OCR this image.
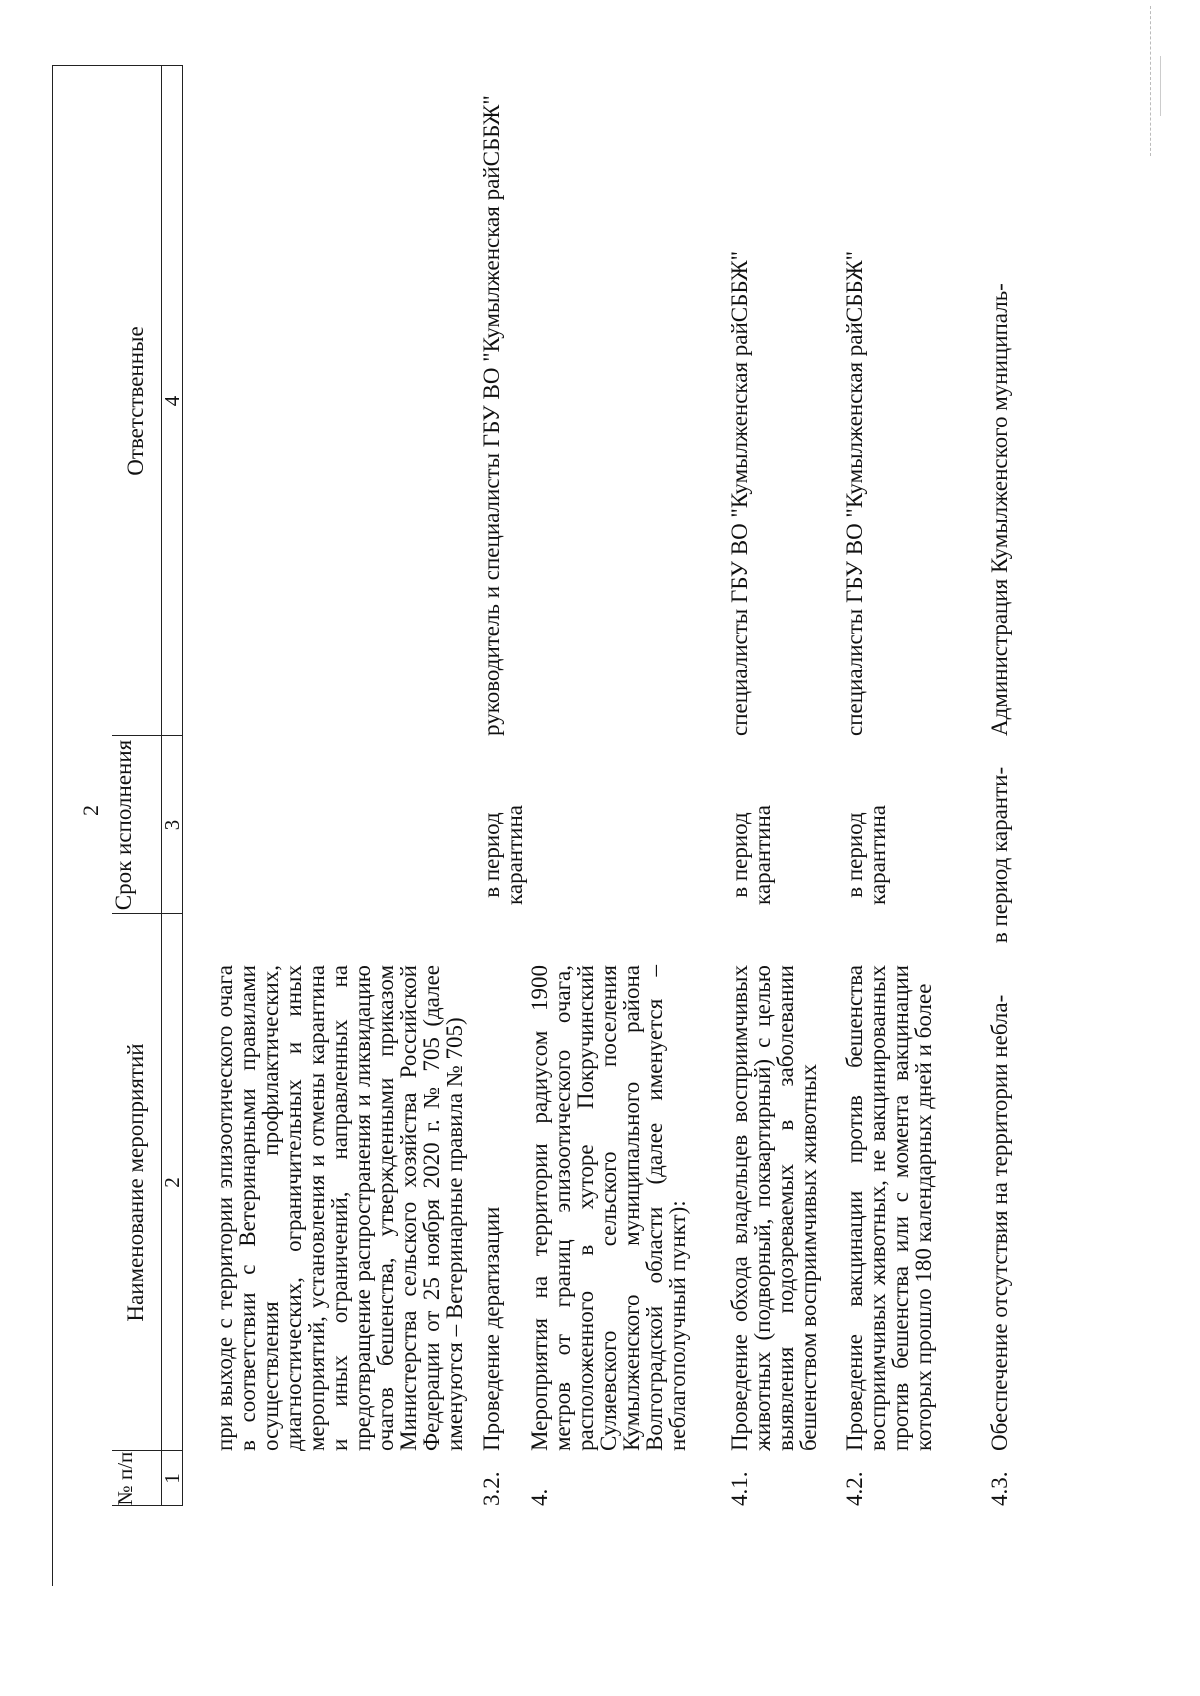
2
№ п/п
Наименование мероприятий
Срок исполнения
Ответственные
1
2
3
4
при выходе с территории эпизоотического очага в соответствии с Ветеринарными правилами осуществления профилактических, диагностических, ограничительных и иных мероприятий, установления и отмены карантина и иных ограничений, направленных на предотвращение распространения и ликвидацию очагов бешенства, утвержденными приказом Министерства сельского хозяйства Российской Федерации от 25 ноября 2020 г. № 705 (далее именуются – Ветеринарные правила № 705)
3.2.
Проведение дератизации
в период карантина
руководитель и специалисты ГБУ ВО "Кумылженская райСББЖ"
4.
Мероприятия на территории радиусом 1900 метров от границ эпизоотического очага, расположенного в хуторе Покручинский Суляевского сельского поселения Кумылженского муниципального района Волгоградской области (далее именуется – неблагополучный пункт):
4.1.
Проведение обхода владельцев восприимчивых животных (подворный, поквартирный) с целью выявления подозреваемых в заболевании бешенством восприимчивых животных
в период карантина
специалисты ГБУ ВО "Кумылженская райСББЖ"
4.2.
Проведение вакцинации против бешенства восприимчивых животных, не вакцинированных против бешенства или с момента вакцинации которых прошло 180 календарных дней и более
в период карантина
специалисты ГБУ ВО "Кумылженская райСББЖ"
4.3.
Обеспечение отсутствия на территории небла-
в период каранти-
Администрация Кумылженского муниципаль-
